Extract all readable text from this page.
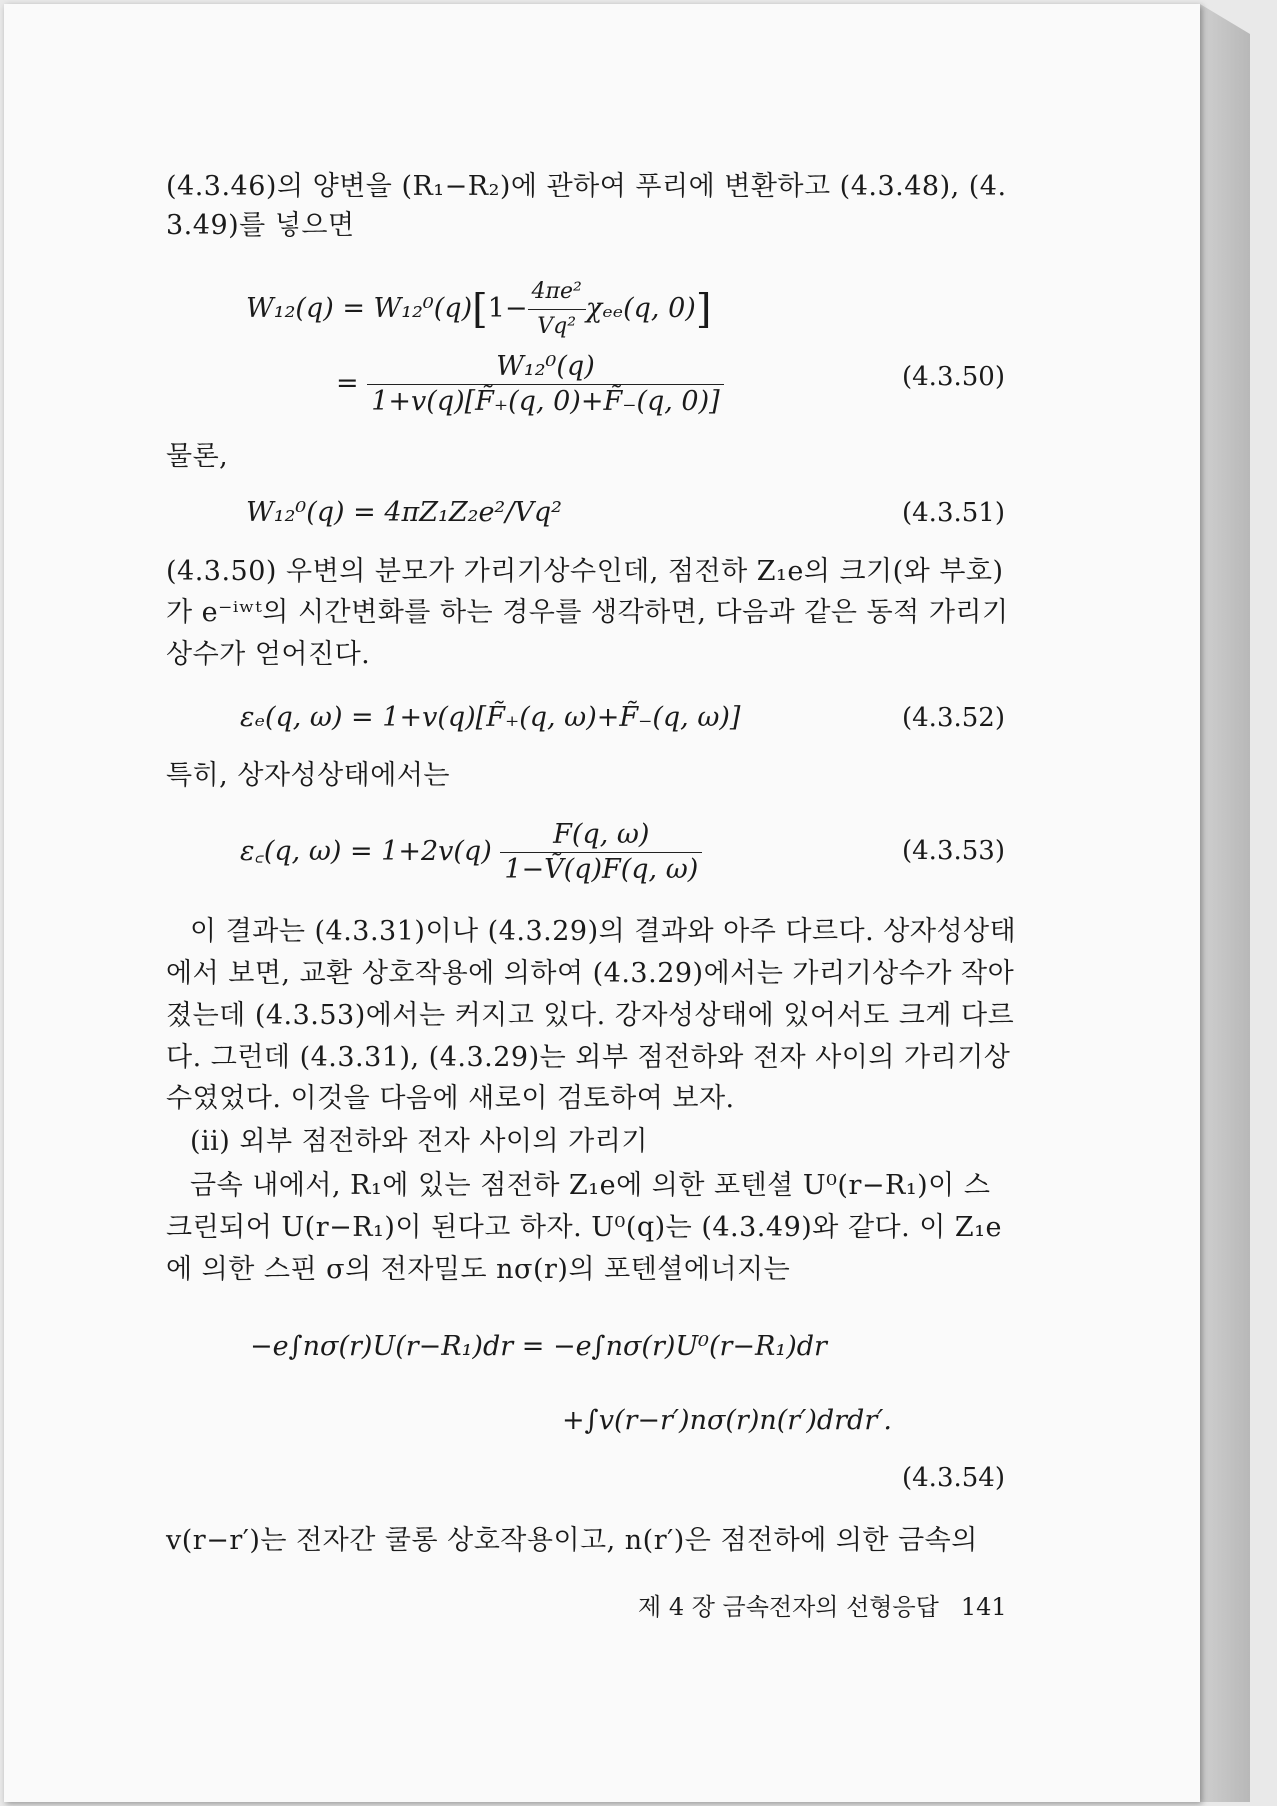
(4.3.46)의 양변을 (R₁−R₂)에 관하여 푸리에 변환하고 (4.3.48), (4.
3.49)를 넣으면
$W_{12}(q) = W_{12}^0(q)[1- \frac{\text{4πe²}}{\text{Vq²}} \chi_{ee}(q$, 0)]
= $\frac{\text{W₁₂⁰(q)}}{1+v(q)[F̃_+(q, 0)+F̃_-(q, 0)]}$	(4.3.50)
물론,
W₁₂⁰(q) = 4πZ₁Z₂e²/Vq²	(4.3.51)
(4.3.50) 우변의 분모가 가리기상수인데, 점전하 Z₁e의 크기(와 부호)
가 e⁻ⁱʷᵗ의 시간변화를 하는 경우를 생각하면, 다음과 같은 동적 가리기
상수가 얻어진다.
εₑ(q, ω) = 1+v(q)[F̃₊(q, ω)+F̃₋(q, ω)]	(4.3.52)
특히, 상자성상태에서는
ε꜀(q, $\omega) = 1+2v(q) \frac{F(q, \omega)}{\text{1−Ṽ(q)F(q, ω)}}$	(4.3.53)
이 결과는 (4.3.31)이나 (4.3.29)의 결과와 아주 다르다. 상자성상태
에서 보면, 교환 상호작용에 의하여 (4.3.29)에서는 가리기상수가 작아
졌는데 (4.3.53)에서는 커지고 있다. 강자성상태에 있어서도 크게 다르
다. 그런데 (4.3.31), (4.3.29)는 외부 점전하와 전자 사이의 가리기상
수였었다. 이것을 다음에 새로이 검토하여 보자.
(ii) 외부 점전하와 전자 사이의 가리기
금속 내에서, R₁에 있는 점전하 Z₁e에 의한 포텐셜 U⁰(r−R₁)이 스
크린되어 U(r−R₁)이 된다고 하자. U⁰(q)는 (4.3.49)와 같다. 이 Z₁e
에 의한 스핀 σ의 전자밀도 nσ(r)의 포텐셜에너지는
−e∫nσ(r)U(r−R₁)dr = −e∫nσ(r)U⁰(r−R₁)dr
+∫v(r−r′)nσ(r)n(r′)drdr′.
(4.3.54)
v(r−r′)는 전자간 쿨롱 상호작용이고, n(r′)은 점전하에 의한 금속의
제 4 장 금속전자의 선형응답 141
